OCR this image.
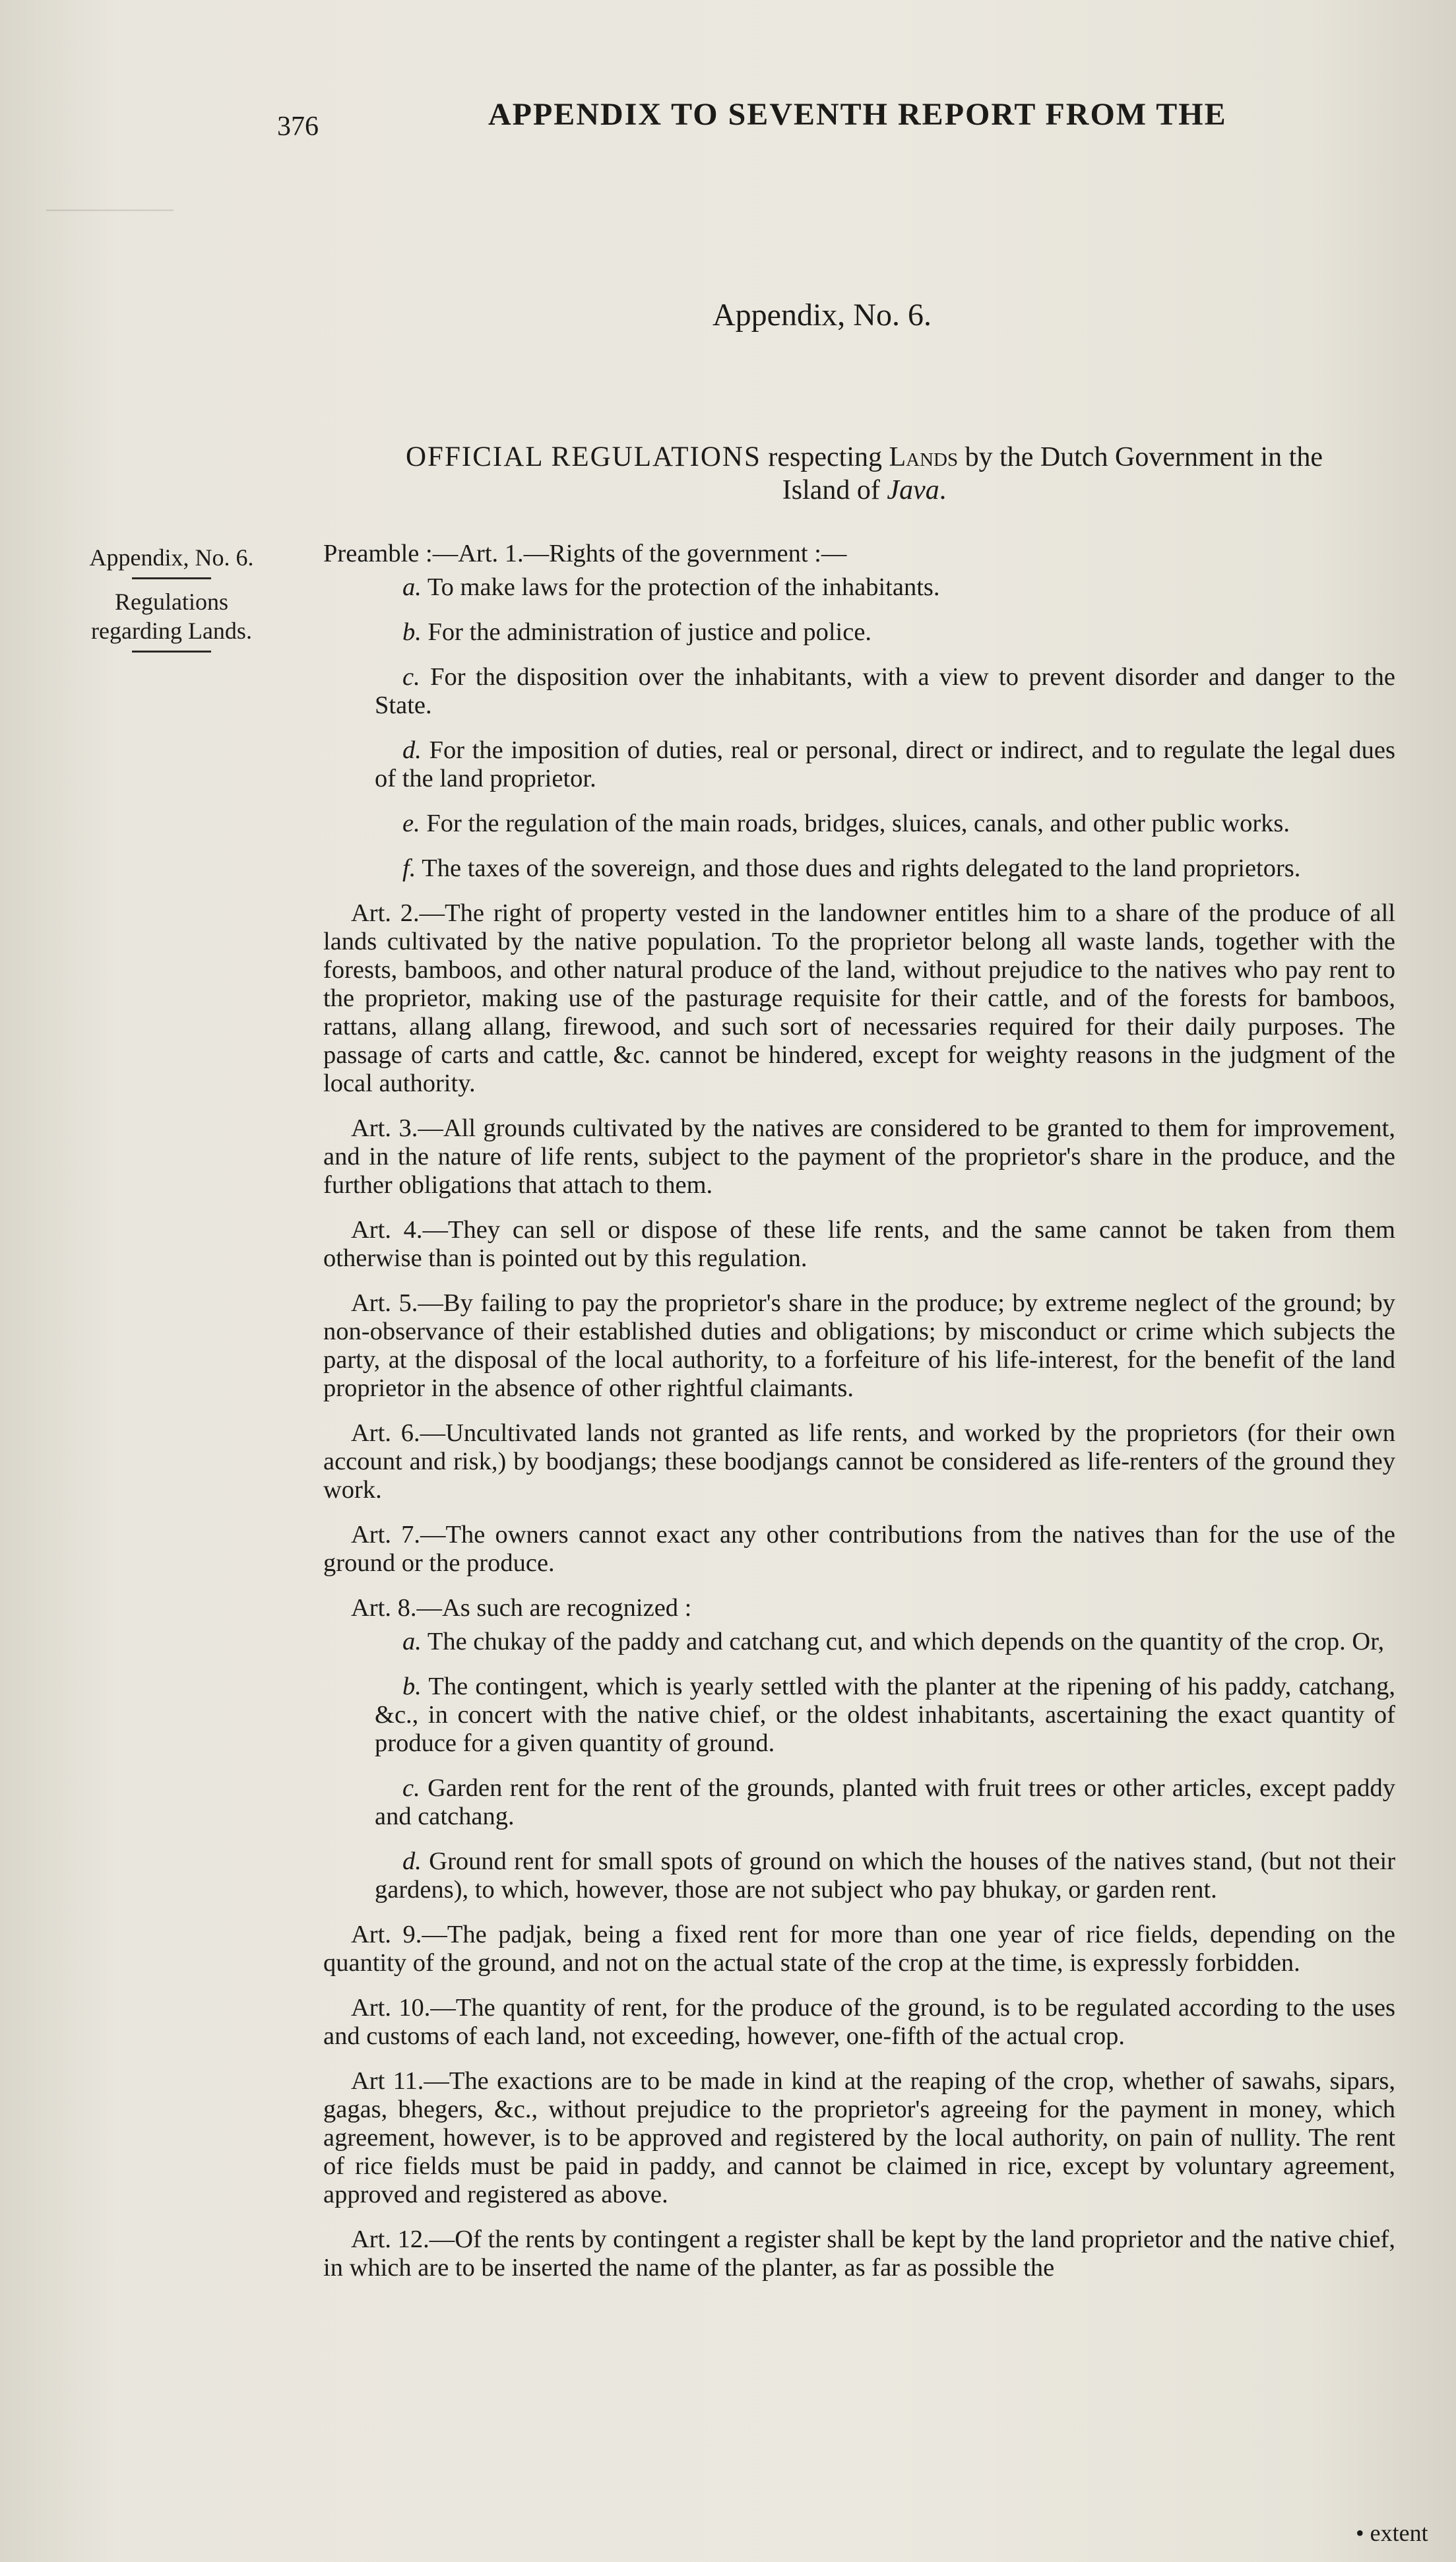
────────
376	APPENDIX TO SEVENTH REPORT FROM THE
Appendix, No. 6.
OFFICIAL REGULATIONS respecting Lands by the Dutch Government in the
Island of Java.
Appendix, No. 6.
Regulations
regarding Lands.

Preamble :—Art. 1.—Rights of the government :—

a. To make laws for the protection of the inhabitants.

b. For the administration of justice and police.

c. For the disposition over the inhabitants, with a view to prevent disorder and danger to the State.

d. For the imposition of duties, real or personal, direct or indirect, and to regulate the legal dues of the land proprietor.

e. For the regulation of the main roads, bridges, sluices, canals, and other public works.

f. The taxes of the sovereign, and those dues and rights delegated to the land proprietors.

Art. 2.—The right of property vested in the landowner entitles him to a share of the produce of all lands cultivated by the native population. To the proprietor belong all waste lands, together with the forests, bamboos, and other natural produce of the land, without prejudice to the natives who pay rent to the proprietor, making use of the pasturage requisite for their cattle, and of the forests for bamboos, rattans, allang allang, firewood, and such sort of necessaries required for their daily purposes. The passage of carts and cattle, &c. cannot be hindered, except for weighty reasons in the judgment of the local authority.

Art. 3.—All grounds cultivated by the natives are considered to be granted to them for improvement, and in the nature of life rents, subject to the payment of the proprietor's share in the produce, and the further obligations that attach to them.

Art. 4.—They can sell or dispose of these life rents, and the same cannot be taken from them otherwise than is pointed out by this regulation.

Art. 5.—By failing to pay the proprietor's share in the produce; by extreme neglect of the ground; by non-observance of their established duties and obligations; by misconduct or crime which subjects the party, at the disposal of the local authority, to a forfeiture of his life-interest, for the benefit of the land proprietor in the absence of other rightful claimants.

Art. 6.—Uncultivated lands not granted as life rents, and worked by the proprietors (for their own account and risk,) by boodjangs; these boodjangs cannot be considered as life-renters of the ground they work.

Art. 7.—The owners cannot exact any other contributions from the natives than for the use of the ground or the produce.

Art. 8.—As such are recognized :

a. The chukay of the paddy and catchang cut, and which depends on the quantity of the crop. Or,

b. The contingent, which is yearly settled with the planter at the ripening of his paddy, catchang, &c., in concert with the native chief, or the oldest inhabitants, ascertaining the exact quantity of produce for a given quantity of ground.

c. Garden rent for the rent of the grounds, planted with fruit trees or other articles, except paddy and catchang.

d. Ground rent for small spots of ground on which the houses of the natives stand, (but not their gardens), to which, however, those are not subject who pay bhukay, or garden rent.

Art. 9.—The padjak, being a fixed rent for more than one year of rice fields, depending on the quantity of the ground, and not on the actual state of the crop at the time, is expressly forbidden.

Art. 10.—The quantity of rent, for the produce of the ground, is to be regulated according to the uses and customs of each land, not exceeding, however, one-fifth of the actual crop.

Art 11.—The exactions are to be made in kind at the reaping of the crop, whether of sawahs, sipars, gagas, bhegers, &c., without prejudice to the proprietor's agreeing for the payment in money, which agreement, however, is to be approved and registered by the local authority, on pain of nullity. The rent of rice fields must be paid in paddy, and cannot be claimed in rice, except by voluntary agreement, approved and registered as above.

Art. 12.—Of the rents by contingent a register shall be kept by the land proprietor and the native chief, in which are to be inserted the name of the planter, as far as possible the

• extent
